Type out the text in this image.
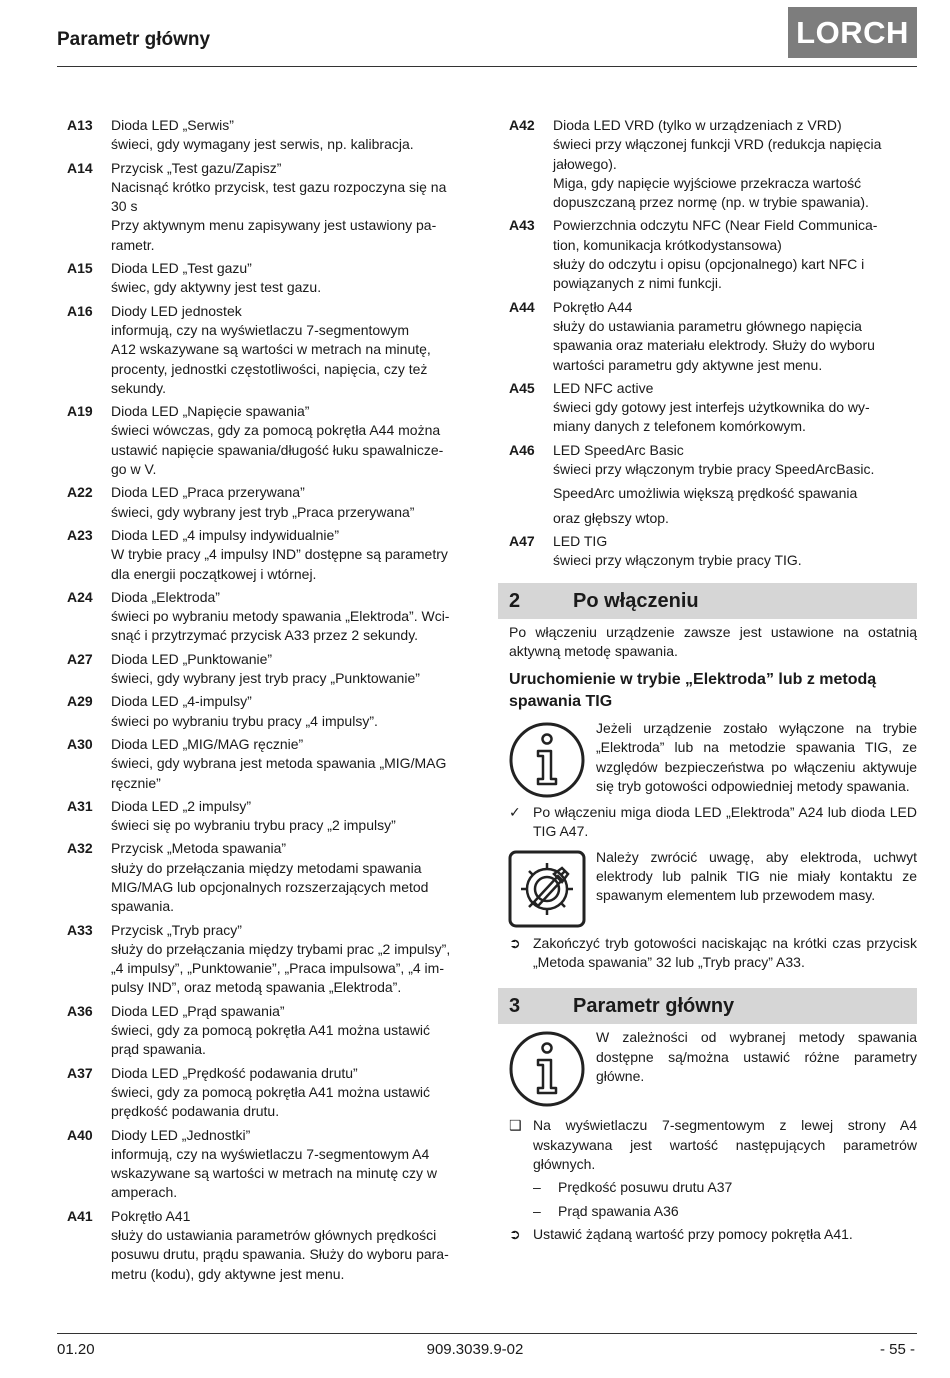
Parametr główny	LORCH
A13	Dioda LED „Serwis”
świeci, gdy wymagany jest serwis, np. kalibracja.
A14	Przycisk „Test gazu/Zapisz”
Nacisnąć krótko przycisk, test gazu rozpoczyna się na
30 s
Przy aktywnym menu zapisywany jest ustawiony pa-
rametr.
A15	Dioda LED „Test gazu”
świec, gdy aktywny jest test gazu.
A16	Diody LED jednostek
informują, czy na wyświetlaczu 7-segmentowym
A12 wskazywane są wartości w metrach na minutę,
procenty, jednostki częstotliwości, napięcia, czy też
sekundy.
A19	Dioda LED „Napięcie spawania”
świeci wówczas, gdy za pomocą pokrętła A44 można
ustawić napięcie spawania/długość łuku spawalnicze-
go w V.
A22	Dioda LED „Praca przerywana”
świeci, gdy wybrany jest tryb „Praca przerywana”
A23	Dioda LED „4 impulsy indywidualnie”
W trybie pracy „4 impulsy IND” dostępne są parametry
dla energii początkowej i wtórnej.
A24	Dioda „Elektroda”
świeci po wybraniu metody spawania „Elektroda”. Wci-
snąć i przytrzymać przycisk A33 przez 2 sekundy.
A27	Dioda LED „Punktowanie”
świeci, gdy wybrany jest tryb pracy „Punktowanie”
A29	Dioda LED „4-impulsy”
świeci po wybraniu trybu pracy „4 impulsy”.
A30	Dioda LED „MIG/MAG ręcznie”
świeci, gdy wybrana jest metoda spawania „MIG/MAG
ręcznie”
A31	Dioda LED „2 impulsy”
świeci się po wybraniu trybu pracy „2 impulsy”
A32	Przycisk „Metoda spawania”
służy do przełączania między metodami spawania
MIG/MAG lub opcjonalnych rozszerzających metod
spawania.
A33	Przycisk „Tryb pracy”
służy do przełączania między trybami prac „2 impulsy”,
„4 impulsy”, „Punktowanie”, „Praca impulsowa”, „4 im-
pulsy IND”, oraz metodą spawania „Elektroda”.
A36	Dioda LED „Prąd spawania”
świeci, gdy za pomocą pokrętła A41 można ustawić
prąd spawania.
A37	Dioda LED „Prędkość podawania drutu”
świeci, gdy za pomocą pokrętła A41 można ustawić
prędkość podawania drutu.
A40	Diody LED „Jednostki”
informują, czy na wyświetlaczu 7-segmentowym A4
wskazywane są wartości w metrach na minutę czy w
amperach.
A41	Pokrętło A41
służy do ustawiania parametrów głównych prędkości
posuwu drutu, prądu spawania. Służy do wyboru para-
metru (kodu), gdy aktywne jest menu.
A42	Dioda LED VRD (tylko w urządzeniach z VRD)
świeci przy włączonej funkcji VRD (redukcja napięcia
jałowego).
Miga, gdy napięcie wyjściowe przekracza wartość
dopuszczaną przez normę (np. w trybie spawania).
A43	Powierzchnia odczytu NFC (Near Field Communica-
tion, komunikacja krótkodystansowa)
służy do odczytu i opisu (opcjonalnego) kart NFC i
powiązanych z nimi funkcji.
A44	Pokrętło A44
służy do ustawiania parametru głównego napięcia
spawania oraz materiału elektrody. Służy do wyboru
wartości parametru gdy aktywne jest menu.
A45	LED NFC active
świeci gdy gotowy jest interfejs użytkownika do wy-
miany danych z telefonem komórkowym.
A46	LED SpeedArc Basic
świeci przy włączonym trybie pracy SpeedArcBasic.
SpeedArc umożliwia większą prędkość spawania
oraz głębszy wtop.
A47	LED TIG
świeci przy włączonym trybie pracy TIG.
2	Po włączeniu
Po włączeniu urządzenie zawsze jest ustawione na ostatnią aktywną metodę spawania.
Uruchomienie w trybie „Elektroda” lub z metodą spawania TIG
Jeżeli urządzenie zostało wyłączone na trybie „Elektroda” lub na metodzie spawania TIG, ze względów bezpieczeństwa po włączeniu aktywuje się tryb gotowości odpowiedniej metody spawania.
✓ Po włączeniu miga dioda LED „Elektroda” A24 lub dioda LED TIG A47.
Należy zwrócić uwagę, aby elektroda, uchwyt elektrody lub palnik TIG nie miały kontaktu ze spawanym elementem lub przewodem masy.
➲ Zakończyć tryb gotowości naciskając na krótki czas przycisk „Metoda spawania” 32 lub „Tryb pracy” A33.
3	Parametr główny
W zależności od wybranej metody spawania dostępne są/można ustawić różne parametry główne.
❑ Na wyświetlaczu 7-segmentowym z lewej strony A4 wskazywana jest wartość następujących parametrów głównych.
–	Prędkość posuwu drutu A37
–	Prąd spawania A36
➲ Ustawić żądaną wartość przy pomocy pokrętła A41.
01.20	909.3039.9-02	- 55 -
